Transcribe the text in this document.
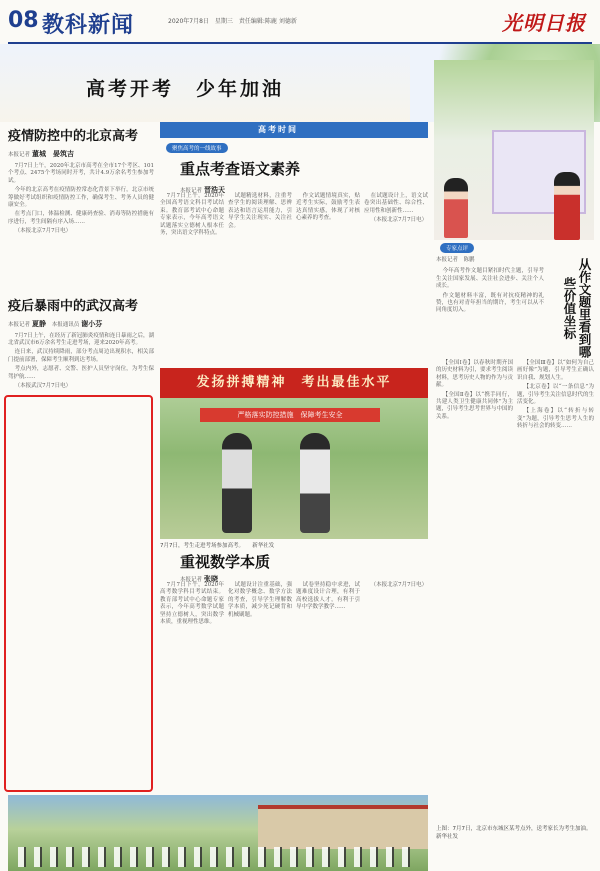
08 教科新闻	2020年7月8日　星期三　责任编辑:陈鹿 刘德新	光明日报
高考开考　少年加油
疫情防控中的北京高考
本报记者 董城　晏筑吉

7月7日上午，2020年北京市高考在全市17个考区、101个考点、2475个考场同时开考，共计4.9万余名考生参加考试。

今年的北京高考在疫情防控常态化背景下举行，北京市统筹做好考试组织和疫情防控工作，确保考生、考务人员的健康安全。

在考点门口，体温检测、健康码查验、消毒等防控措施有序进行，考生间隔有序入场……

（本报北京7月7日电）

疫后暴雨中的武汉高考
本报记者 夏静 本报通讯员 谢小芬

7月7日上午，在经历了新冠肺炎疫情和连日暴雨之后，湖北省武汉市6万余名考生走进考场，迎来2020年高考。

连日来，武汉持续降雨，部分考点周边出现积水，相关部门提前部署，保障考生顺利到达考场。

考点内外，志愿者、交警、医护人员坚守岗位，为考生保驾护航……

（本报武汉7月7日电）

高考时间
聚焦高考的一线故事
重点考查语文素养
本报记者 晋浩天

7月7日上午，2020年全国高考语文科目考试结束。教育部考试中心命题专家表示，今年高考语文试题落实立德树人根本任务，突出语文学科特点。

试题精选材料，注重考查学生的阅读理解、思辨表达和语言运用能力，引导学生关注现实、关注社会。

作文试题情境真实，贴近考生实际，鼓励考生表达真情实感，体现了对核心素养的考查。

在试题设计上，语文试卷突出基础性、综合性、应用性和创新性……

（本报北京7月7日电）

发扬拼搏精神　考出最佳水平
严格落实防控措施　保障考生安全
7月7日，考生走进考场参加高考。　　新华社发
重视数学本质
本报记者 张晓

7月7日下午，2020年高考数学科目考试结束。教育部考试中心命题专家表示，今年高考数学试题坚持立德树人，突出数学本质，重视理性思维。

试题设计注重基础，强化对数学概念、数学方法的考查，引导学生理解数学本质，减少死记硬背和机械刷题。

试卷坚持稳中求进，试题难度设计合理，有利于高校选拔人才，有利于引导中学数学教学……

（本报北京7月7日电）

专家点评
从作文题里看到哪些价值坐标
本报记者　陈鹏

今年高考作文题目紧扣时代主题，引导考生关注国家发展、关注社会进步、关注个人成长。

作文题材料丰富，既有对抗疫精神的礼赞，也有对青年担当的期许，考生可以从不同角度切入。

【全国Ⅰ卷】以春秋时期齐国的历史材料为引，要求考生阅读材料，思考历史人物的作为与贡献。

【全国Ⅱ卷】以“携手同行，共建人类卫生健康共同体”为主题，引导考生思考世界与中国的关系。

【全国Ⅲ卷】以“如何为自己画好像”为题，引导考生正确认识自我、规划人生。

【北京卷】以“一条信息”为题，引导考生关注信息时代的生活变化。

【上海卷】以“转折与转变”为题，引导考生思考人生的转折与社会的转变……

上图：7月7日，北京市东城区某考点外，送考家长为考生加油。　新华社发
